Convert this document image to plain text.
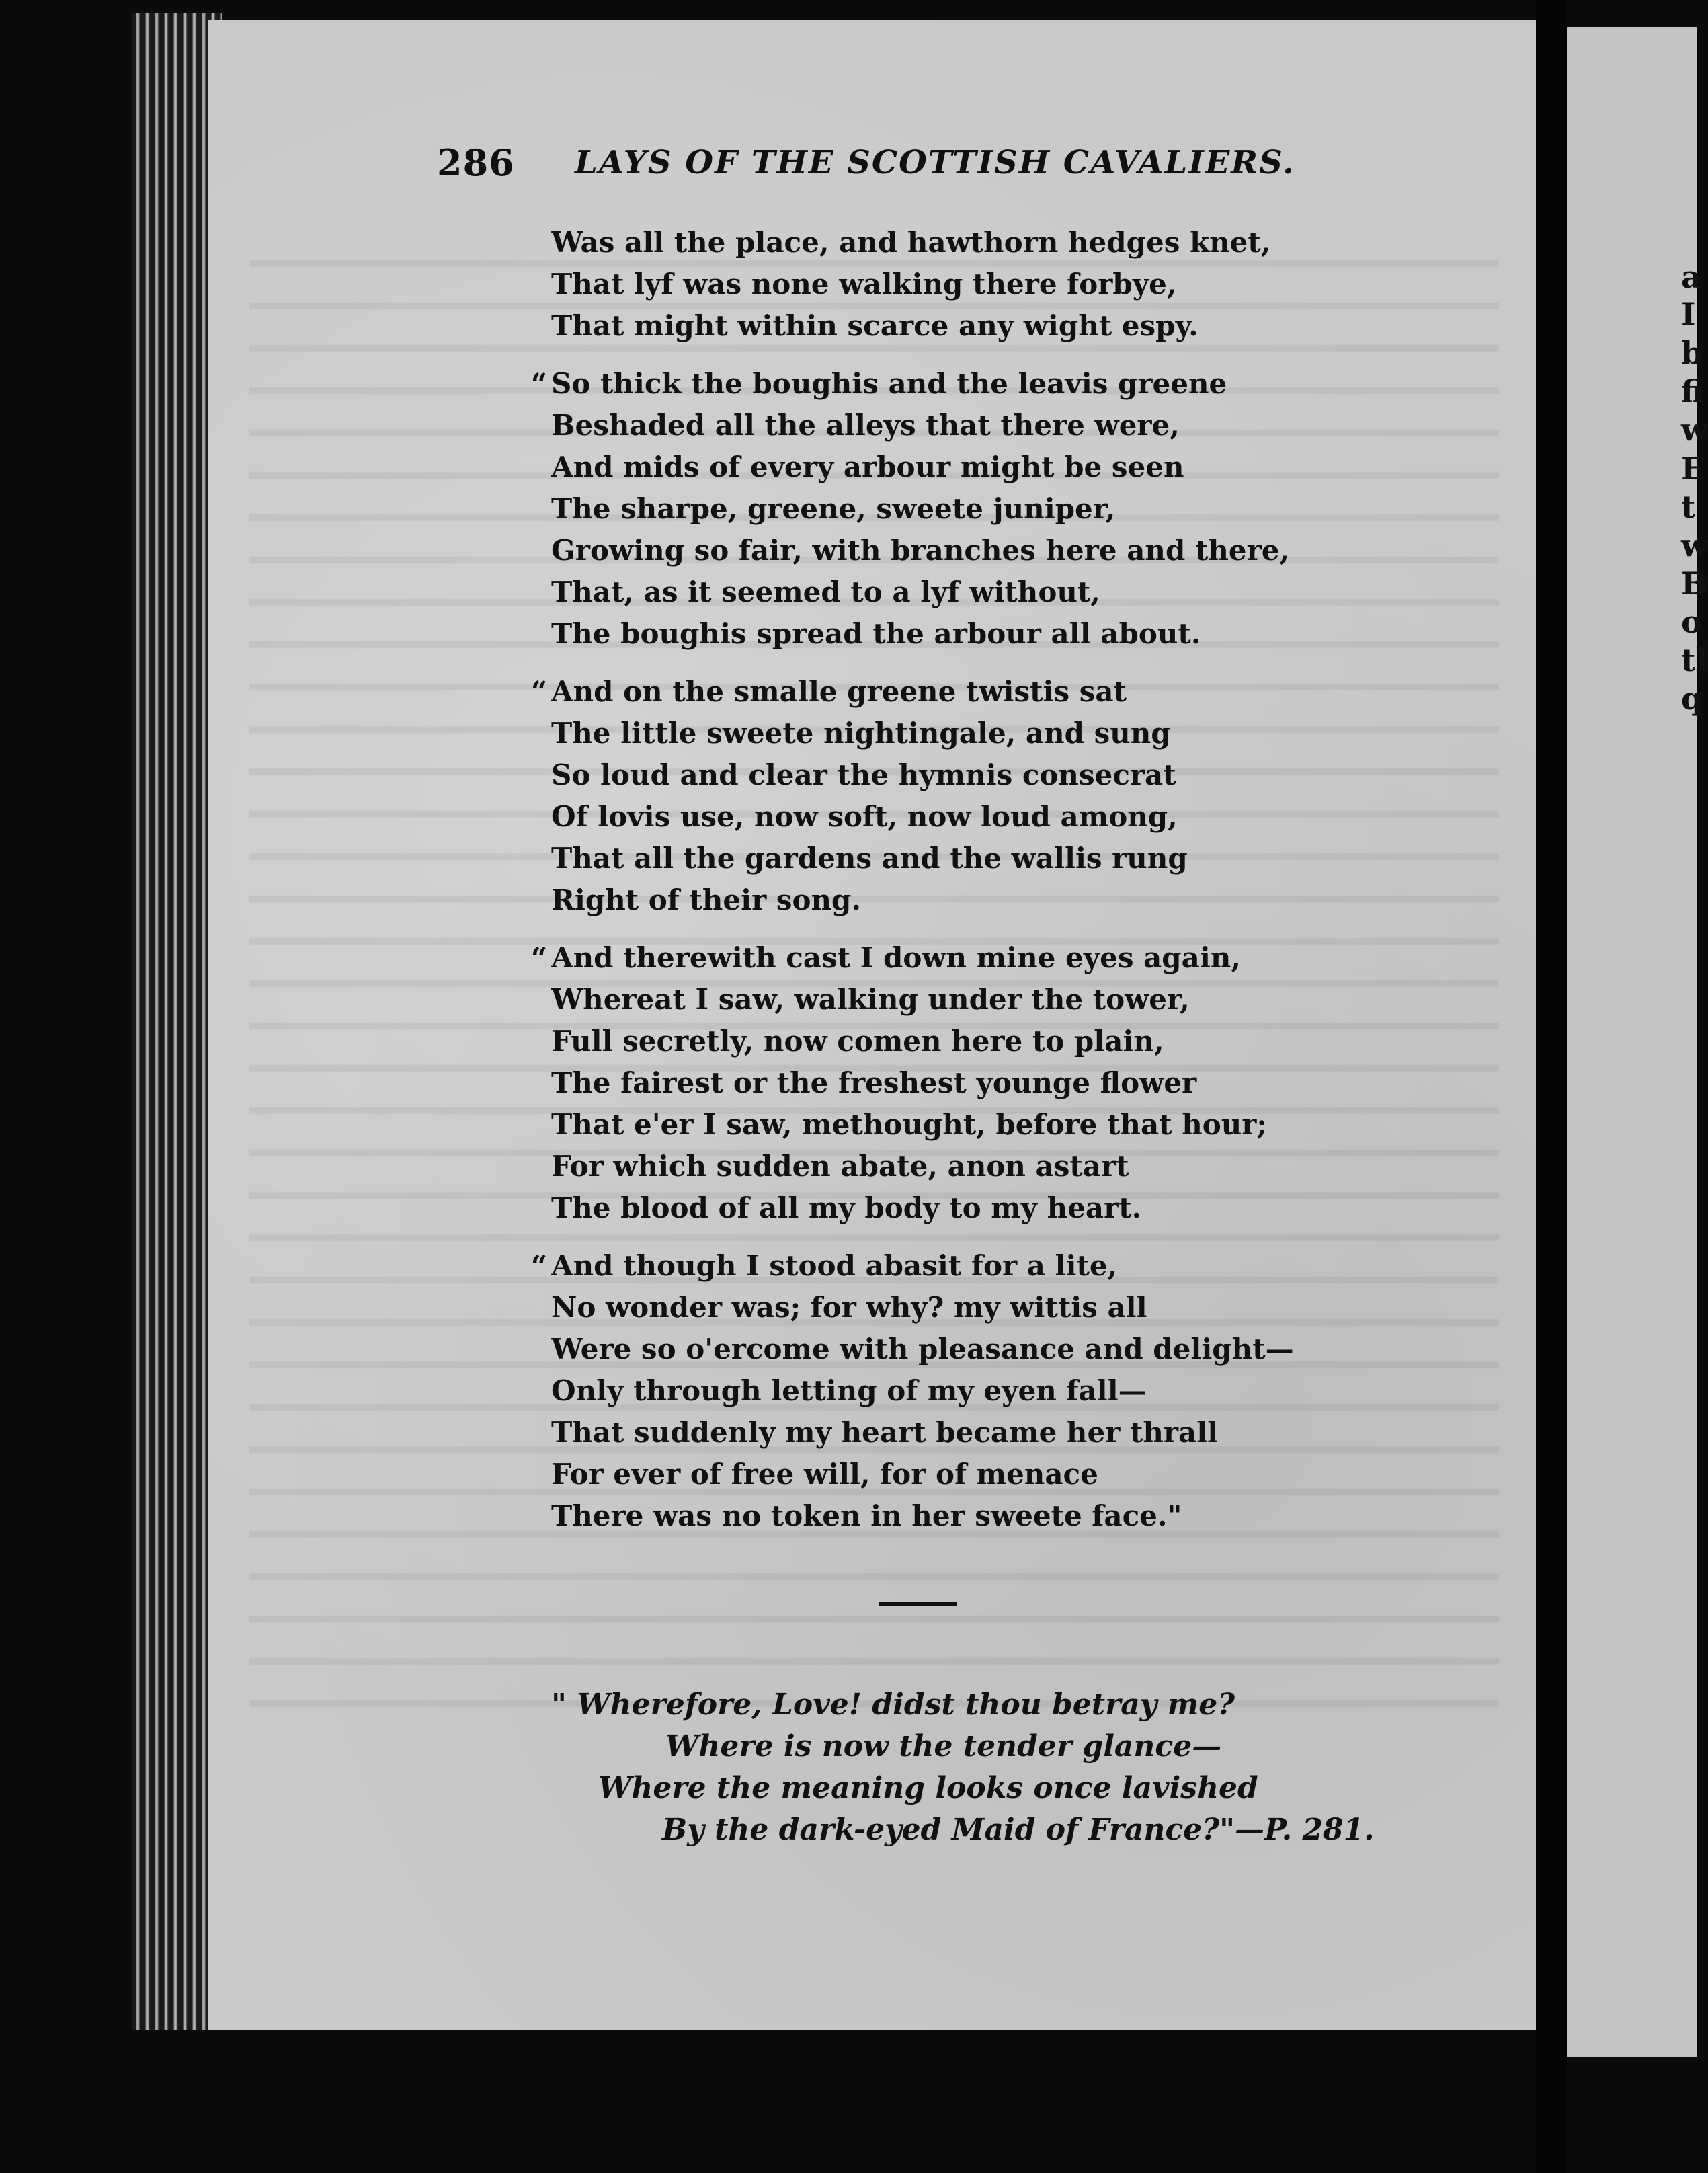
a
I
b
fi
w
E
t
w
B
o
tl
q
286 LAYS OF THE SCOTTISH CAVALIERS.
Was all the place, and hawthorn hedges knet,
That lyf was none walking there forbye,
That might within scarce any wight espy.
“ So thick the boughis and the leavis greene
Beshaded all the alleys that there were,
And mids of every arbour might be seen
The sharpe, greene, sweete juniper,
Growing so fair, with branches here and there,
That, as it seemed to a lyf without,
The boughis spread the arbour all about.
“ And on the smalle greene twistis sat
The little sweete nightingale, and sung
So loud and clear the hymnis consecrat
Of lovis use, now soft, now loud among,
That all the gardens and the wallis rung
Right of their song.
“ And therewith cast I down mine eyes again,
Whereat I saw, walking under the tower,
Full secretly, now comen here to plain,
The fairest or the freshest younge flower
That e'er I saw, methought, before that hour;
For which sudden abate, anon astart
The blood of all my body to my heart.
“ And though I stood abasit for a lite,
No wonder was; for why? my wittis all
Were so o'ercome with pleasance and delight—
Only through letting of my eyen fall—
That suddenly my heart became her thrall
For ever of free will, for of menace
There was no token in her sweete face."
" Wherefore, Love! didst thou betray me?
Where is now the tender glance—
Where the meaning looks once lavished
By the dark-eyed Maid of France?"—P. 281.
